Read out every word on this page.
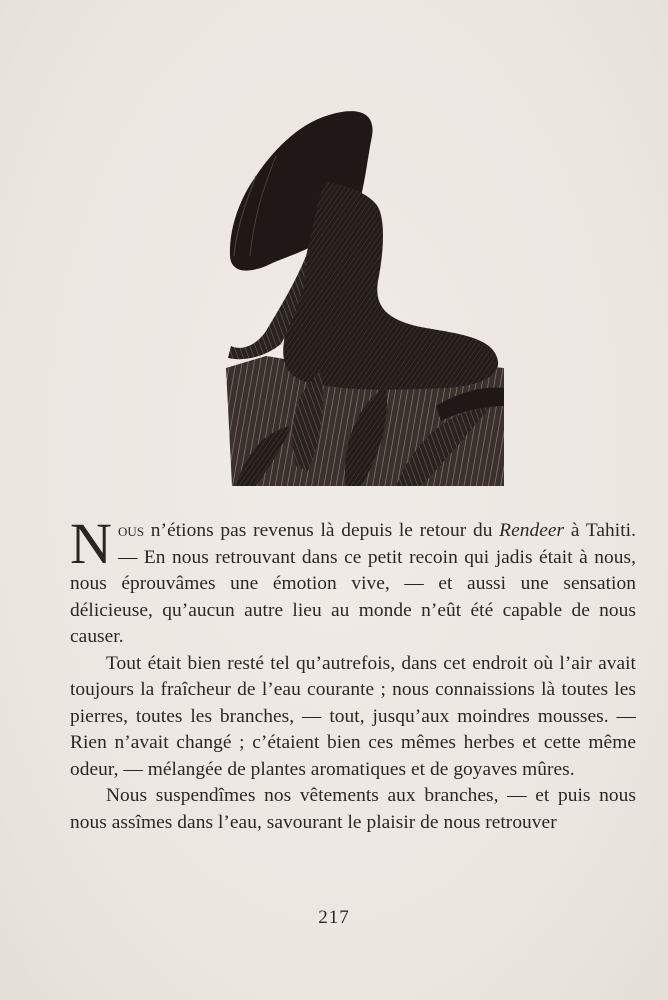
Nous n’étions pas revenus là depuis le retour du Rendeer à Tahiti. — En nous retrouvant dans ce petit recoin qui jadis était à nous, nous éprouvâmes une émotion vive, — et aussi une sensation délicieuse, qu’aucun autre lieu au monde n’eût été capable de nous causer.

Tout était bien resté tel qu’autrefois, dans cet endroit où l’air avait toujours la fraîcheur de l’eau courante ; nous connaissions là toutes les pierres, toutes les branches, — tout, jusqu’aux moindres mousses. — Rien n’avait changé ; c’étaient bien ces mêmes herbes et cette même odeur, — mélangée de plantes aromatiques et de goyaves mûres.

Nous suspendîmes nos vêtements aux branches, — et puis nous nous assîmes dans l’eau, savourant le plaisir de nous retrouver

217
